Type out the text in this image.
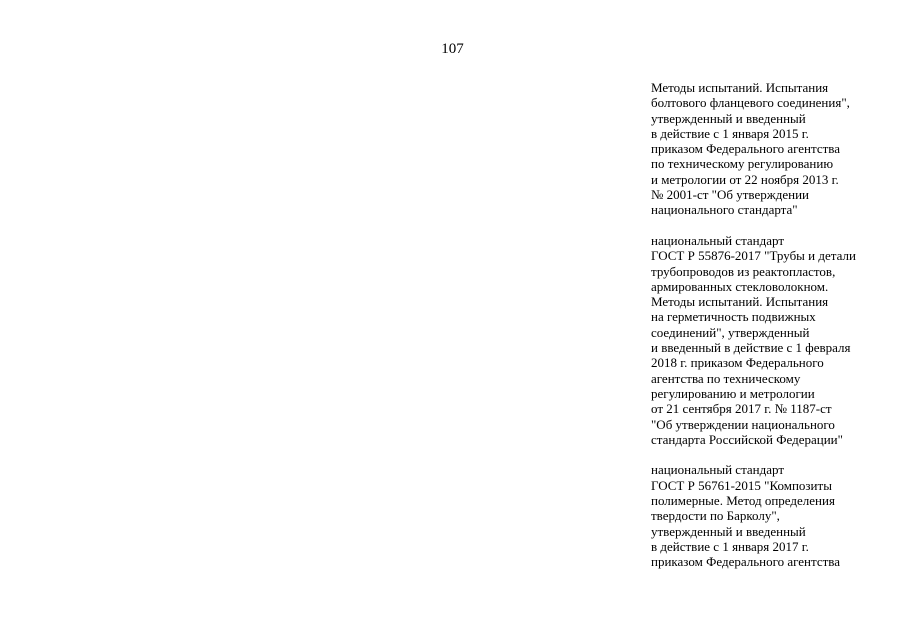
107
Методы испытаний. Испытания
болтового фланцевого соединения",
утвержденный и введенный
в действие с 1 января 2015 г.
приказом Федерального агентства
по техническому регулированию
и метрологии от 22 ноября 2013 г.
№ 2001-ст "Об утверждении
национального стандарта"
национальный стандарт
ГОСТ Р 55876-2017 "Трубы и детали
трубопроводов из реактопластов,
армированных стекловолокном.
Методы испытаний. Испытания
на герметичность подвижных
соединений", утвержденный
и введенный в действие с 1 февраля
2018 г. приказом Федерального
агентства по техническому
регулированию и метрологии
от 21 сентября 2017 г. № 1187-ст
"Об утверждении национального
стандарта Российской Федерации"
национальный стандарт
ГОСТ Р 56761-2015 "Композиты
полимерные. Метод определения
твердости по Барколу",
утвержденный и введенный
в действие с 1 января 2017 г.
приказом Федерального агентства
